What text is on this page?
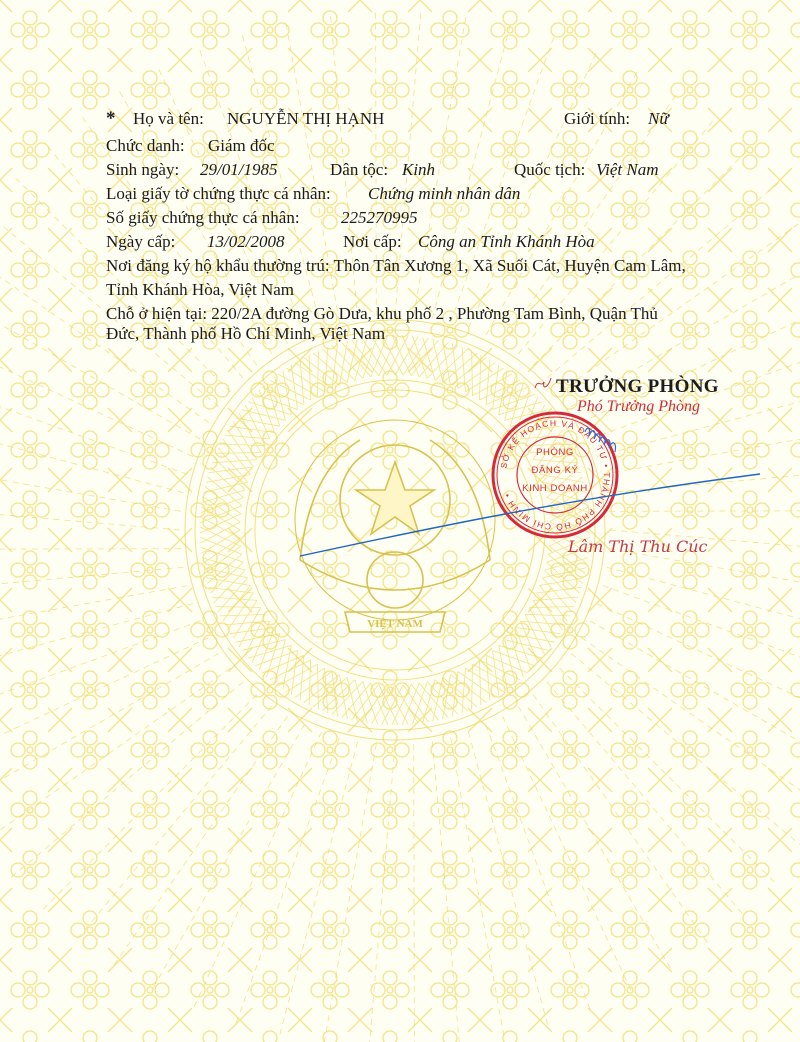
VIỆT NAM
* Họ và tên: NGUYỄN THỊ HẠNH	Giới tính: Nữ
Chức danh: Giám đốc
Sinh ngày: 29/01/1985	Dân tộc: Kinh	Quốc tịch: Việt Nam
Loại giấy tờ chứng thực cá nhân: Chứng minh nhân dân
Số giấy chứng thực cá nhân: 225270995
Ngày cấp: 13/02/2008	Nơi cấp: Công an Tỉnh Khánh Hòa
Nơi đăng ký hộ khẩu thường trú: Thôn Tân Xương 1, Xã Suối Cát, Huyện Cam Lâm,
Tỉnh Khánh Hòa, Việt Nam
Chỗ ở hiện tại: 220/2A đường Gò Dưa, khu phố 2 , Phường Tam Bình, Quận Thủ
Đức, Thành phố Hồ Chí Minh, Việt Nam
TRƯỞNG PHÒNG
Phó Trưởng Phòng
SỞ KẾ HOẠCH VÀ ĐẦU TƯ • THÀNH PHỐ HỒ CHÍ MINH •
PHÒNG
ĐĂNG KÝ
KINH DOANH
Lâm Thị Thu Cúc
